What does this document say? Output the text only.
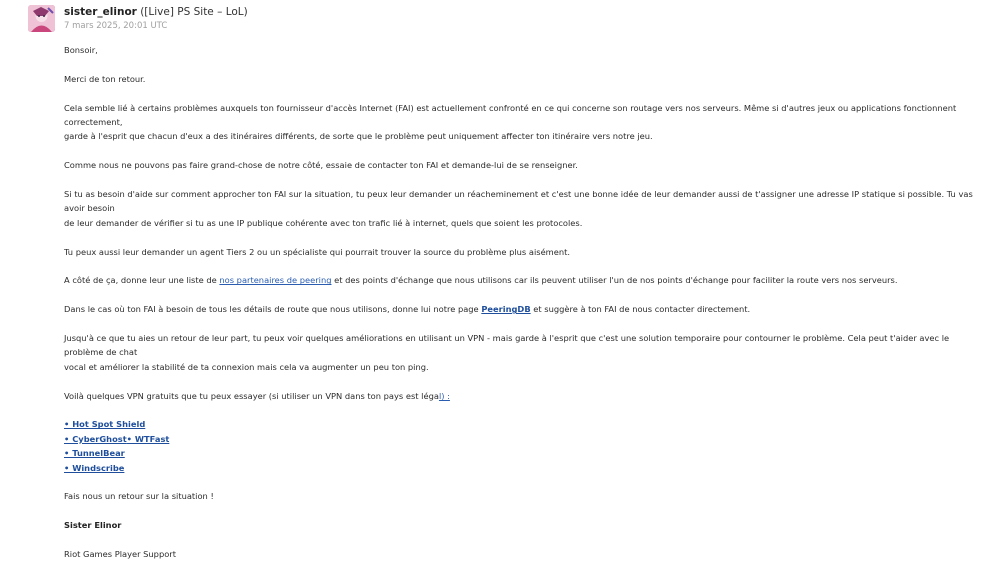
sister_elinor ([Live] PS Site – LoL)
7 mars 2025, 20:01 UTC

Bonsoir,

Merci de ton retour.

Cela semble lié à certains problèmes auxquels ton fournisseur d'accès Internet (FAI) est actuellement confronté en ce qui concerne son routage vers nos serveurs. Même si d'autres jeux ou applications fonctionnent correctement,
garde à l'esprit que chacun d'eux a des itinéraires différents, de sorte que le problème peut uniquement affecter ton itinéraire vers notre jeu.

Comme nous ne pouvons pas faire grand-chose de notre côté, essaie de contacter ton FAI et demande-lui de se renseigner.

Si tu as besoin d'aide sur comment approcher ton FAI sur la situation, tu peux leur demander un réacheminement et c'est une bonne idée de leur demander aussi de t'assigner une adresse IP statique si possible. Tu vas avoir besoin
de leur demander de vérifier si tu as une IP publique cohérente avec ton trafic lié à internet, quels que soient les protocoles.

Tu peux aussi leur demander un agent Tiers 2 ou un spécialiste qui pourrait trouver la source du problème plus aisément.

A côté de ça, donne leur une liste de nos partenaires de peering et des points d'échange que nous utilisons car ils peuvent utiliser l'un de nos points d'échange pour faciliter la route vers nos serveurs.

Dans le cas où ton FAI à besoin de tous les détails de route que nous utilisons, donne lui notre page PeeringDB et suggère à ton FAI de nous contacter directement.

Jusqu'à ce que tu aies un retour de leur part, tu peux voir quelques améliorations en utilisant un VPN - mais garde à l'esprit que c'est une solution temporaire pour contourner le problème. Cela peut t'aider avec le problème de chat
vocal et améliorer la stabilité de ta connexion mais cela va augmenter un peu ton ping.

Voilà quelques VPN gratuits que tu peux essayer (si utiliser un VPN dans ton pays est légal) :

• Hot Spot Shield
• CyberGhost• WTFast
• TunnelBear
• Windscribe

Fais nous un retour sur la situation !

Sister Elinor

Riot Games Player Support
